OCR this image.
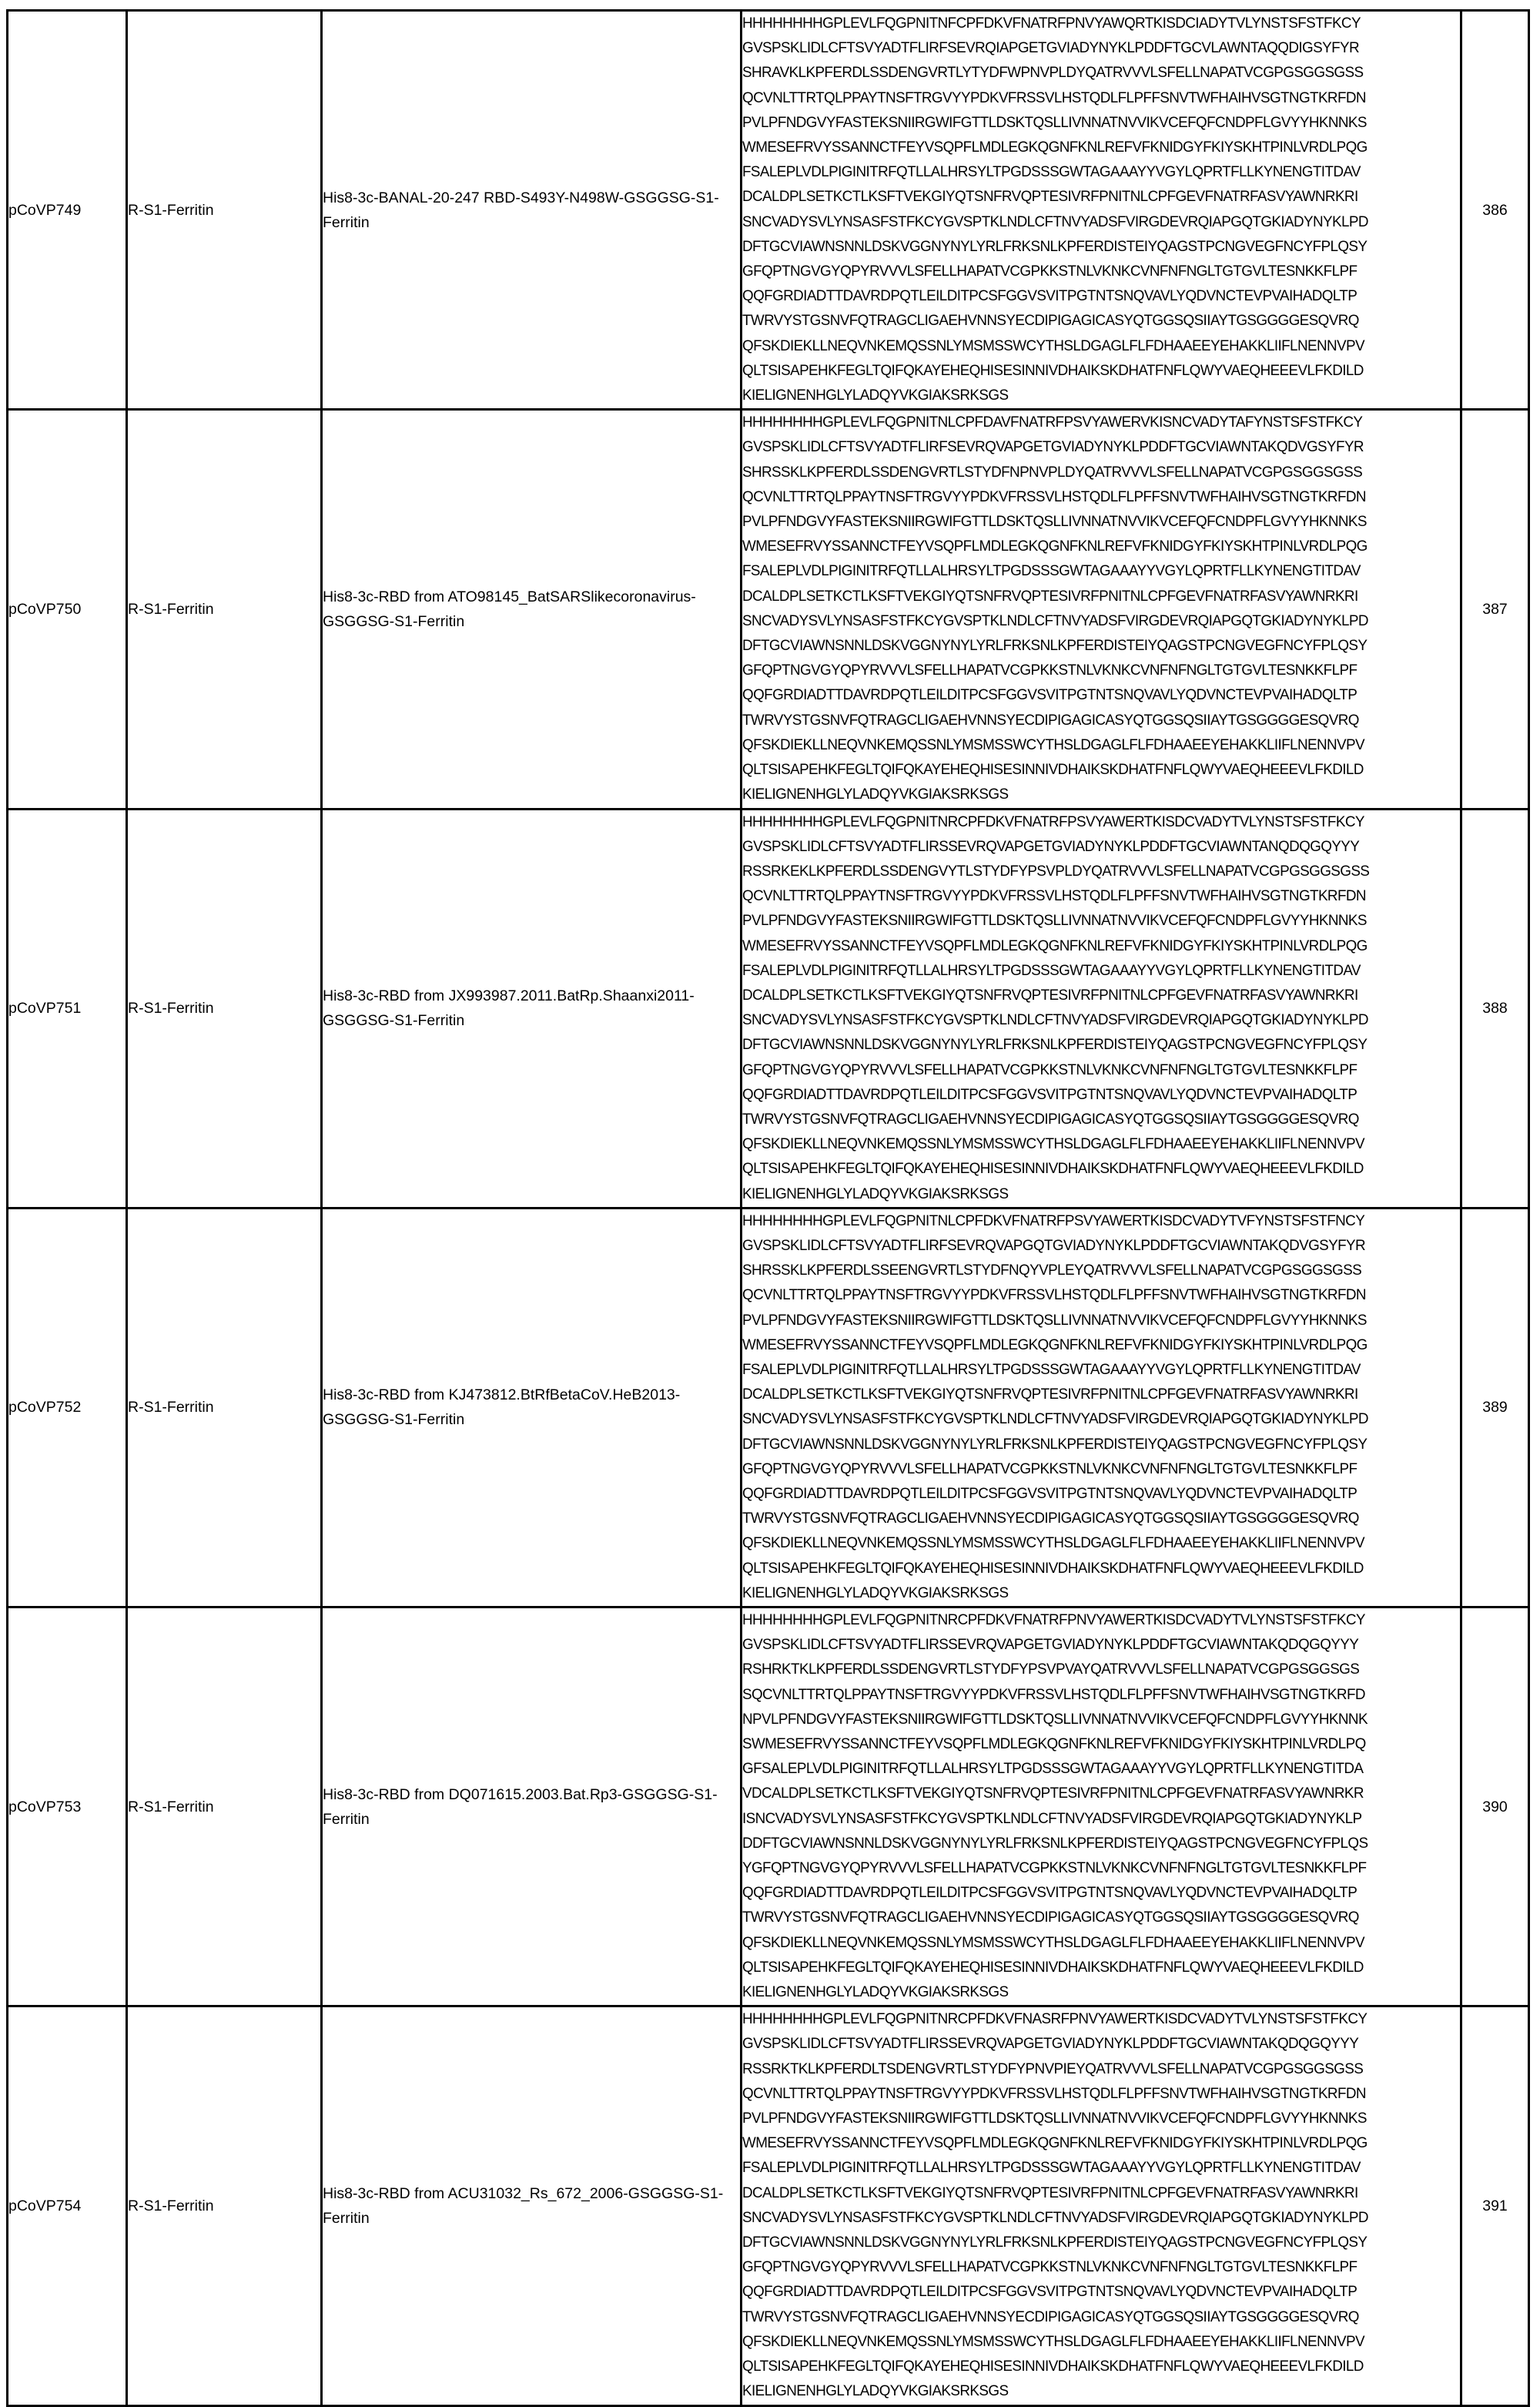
pCoVP749	R-S1-Ferritin	His8-3c-BANAL-20-247 RBD-S493Y-N498W-GSGGSG-S1-Ferritin	
HHHHHHHHGPLEVLFQGPNITNFCPFDKVFNATRFPNVYAWQRTKISDCIADYTVLYNSTSFSTFKCY
GVSPSKLIDLCFTSVYADTFLIRFSEVRQIAPGETGVIADYNYKLPDDFTGCVLAWNTAQQDIGSYFYR
SHRAVKLKPFERDLSSDENGVRTLYTYDFWPNVPLDYQATRVVVLSFELLNAPATVCGPGSGGSGSS
QCVNLTTRTQLPPAYTNSFTRGVYYPDKVFRSSVLHSTQDLFLPFFSNVTWFHAIHVSGTNGTKRFDN
PVLPFNDGVYFASTEKSNIIRGWIFGTTLDSKTQSLLIVNNATNVVIKVCEFQFCNDPFLGVYYHKNNKS
WMESEFRVYSSANNCTFEYVSQPFLMDLEGKQGNFKNLREFVFKNIDGYFKIYSKHTPINLVRDLPQG
FSALEPLVDLPIGINITRFQTLLALHRSYLTPGDSSSGWTAGAAAYYVGYLQPRTFLLKYNENGTITDAV
DCALDPLSETKCTLKSFTVEKGIYQTSNFRVQPTESIVRFPNITNLCPFGEVFNATRFASVYAWNRKRI
SNCVADYSVLYNSASFSTFKCYGVSPTKLNDLCFTNVYADSFVIRGDEVRQIAPGQTGKIADYNYKLPD
DFTGCVIAWNSNNLDSKVGGNYNYLYRLFRKSNLKPFERDISTEIYQAGSTPCNGVEGFNCYFPLQSY
GFQPTNGVGYQPYRVVVLSFELLHAPATVCGPKKSTNLVKNKCVNFNFNGLTGTGVLTESNKKFLPF
QQFGRDIADTTDAVRDPQTLEILDITPCSFGGVSVITPGTNTSNQVAVLYQDVNCTEVPVAIHADQLTP
TWRVYSTGSNVFQTRAGCLIGAEHVNNSYECDIPIGAGICASYQTGGSQSIIAYTGSGGGGESQVRQ
QFSKDIEKLLNEQVNKEMQSSNLYMSMSSWCYTHSLDGAGLFLFDHAAEEYEHAKKLIIFLNENNVPV
QLTSISAPEHKFEGLTQIFQKAYEHEQHISESINNIVDHAIKSKDHATFNFLQWYVAEQHEEEVLFKDILD
KIELIGNENHGLYLADQYVKGIAKSRKSGS
	386
pCoVP750	R-S1-Ferritin	His8-3c-RBD from ATO98145_BatSARSlikecoronavirus-GSGGSG-S1-Ferritin	
HHHHHHHHGPLEVLFQGPNITNLCPFDAVFNATRFPSVYAWERVKISNCVADYTAFYNSTSFSTFKCY
GVSPSKLIDLCFTSVYADTFLIRFSEVRQVAPGETGVIADYNYKLPDDFTGCVIAWNTAKQDVGSYFYR
SHRSSKLKPFERDLSSDENGVRTLSTYDFNPNVPLDYQATRVVVLSFELLNAPATVCGPGSGGSGSS
QCVNLTTRTQLPPAYTNSFTRGVYYPDKVFRSSVLHSTQDLFLPFFSNVTWFHAIHVSGTNGTKRFDN
PVLPFNDGVYFASTEKSNIIRGWIFGTTLDSKTQSLLIVNNATNVVIKVCEFQFCNDPFLGVYYHKNNKS
WMESEFRVYSSANNCTFEYVSQPFLMDLEGKQGNFKNLREFVFKNIDGYFKIYSKHTPINLVRDLPQG
FSALEPLVDLPIGINITRFQTLLALHRSYLTPGDSSSGWTAGAAAYYVGYLQPRTFLLKYNENGTITDAV
DCALDPLSETKCTLKSFTVEKGIYQTSNFRVQPTESIVRFPNITNLCPFGEVFNATRFASVYAWNRKRI
SNCVADYSVLYNSASFSTFKCYGVSPTKLNDLCFTNVYADSFVIRGDEVRQIAPGQTGKIADYNYKLPD
DFTGCVIAWNSNNLDSKVGGNYNYLYRLFRKSNLKPFERDISTEIYQAGSTPCNGVEGFNCYFPLQSY
GFQPTNGVGYQPYRVVVLSFELLHAPATVCGPKKSTNLVKNKCVNFNFNGLTGTGVLTESNKKFLPF
QQFGRDIADTTDAVRDPQTLEILDITPCSFGGVSVITPGTNTSNQVAVLYQDVNCTEVPVAIHADQLTP
TWRVYSTGSNVFQTRAGCLIGAEHVNNSYECDIPIGAGICASYQTGGSQSIIAYTGSGGGGESQVRQ
QFSKDIEKLLNEQVNKEMQSSNLYMSMSSWCYTHSLDGAGLFLFDHAAEEYEHAKKLIIFLNENNVPV
QLTSISAPEHKFEGLTQIFQKAYEHEQHISESINNIVDHAIKSKDHATFNFLQWYVAEQHEEEVLFKDILD
KIELIGNENHGLYLADQYVKGIAKSRKSGS
	387
pCoVP751	R-S1-Ferritin	His8-3c-RBD from JX993987.2011.BatRp.Shaanxi2011-GSGGSG-S1-Ferritin	
HHHHHHHHGPLEVLFQGPNITNRCPFDKVFNATRFPSVYAWERTKISDCVADYTVLYNSTSFSTFKCY
GVSPSKLIDLCFTSVYADTFLIRSSEVRQVAPGETGVIADYNYKLPDDFTGCVIAWNTANQDQGQYYY
RSSRKEKLKPFERDLSSDENGVYTLSTYDFYPSVPLDYQATRVVVLSFELLNAPATVCGPGSGGSGSS
QCVNLTTRTQLPPAYTNSFTRGVYYPDKVFRSSVLHSTQDLFLPFFSNVTWFHAIHVSGTNGTKRFDN
PVLPFNDGVYFASTEKSNIIRGWIFGTTLDSKTQSLLIVNNATNVVIKVCEFQFCNDPFLGVYYHKNNKS
WMESEFRVYSSANNCTFEYVSQPFLMDLEGKQGNFKNLREFVFKNIDGYFKIYSKHTPINLVRDLPQG
FSALEPLVDLPIGINITRFQTLLALHRSYLTPGDSSSGWTAGAAAYYVGYLQPRTFLLKYNENGTITDAV
DCALDPLSETKCTLKSFTVEKGIYQTSNFRVQPTESIVRFPNITNLCPFGEVFNATRFASVYAWNRKRI
SNCVADYSVLYNSASFSTFKCYGVSPTKLNDLCFTNVYADSFVIRGDEVRQIAPGQTGKIADYNYKLPD
DFTGCVIAWNSNNLDSKVGGNYNYLYRLFRKSNLKPFERDISTEIYQAGSTPCNGVEGFNCYFPLQSY
GFQPTNGVGYQPYRVVVLSFELLHAPATVCGPKKSTNLVKNKCVNFNFNGLTGTGVLTESNKKFLPF
QQFGRDIADTTDAVRDPQTLEILDITPCSFGGVSVITPGTNTSNQVAVLYQDVNCTEVPVAIHADQLTP
TWRVYSTGSNVFQTRAGCLIGAEHVNNSYECDIPIGAGICASYQTGGSQSIIAYTGSGGGGESQVRQ
QFSKDIEKLLNEQVNKEMQSSNLYMSMSSWCYTHSLDGAGLFLFDHAAEEYEHAKKLIIFLNENNVPV
QLTSISAPEHKFEGLTQIFQKAYEHEQHISESINNIVDHAIKSKDHATFNFLQWYVAEQHEEEVLFKDILD
KIELIGNENHGLYLADQYVKGIAKSRKSGS
	388
pCoVP752	R-S1-Ferritin	His8-3c-RBD from KJ473812.BtRfBetaCoV.HeB2013-GSGGSG-S1-Ferritin	
HHHHHHHHGPLEVLFQGPNITNLCPFDKVFNATRFPSVYAWERTKISDCVADYTVFYNSTSFSTFNCY
GVSPSKLIDLCFTSVYADTFLIRFSEVRQVAPGQTGVIADYNYKLPDDFTGCVIAWNTAKQDVGSYFYR
SHRSSKLKPFERDLSSEENGVRTLSTYDFNQYVPLEYQATRVVVLSFELLNAPATVCGPGSGGSGSS
QCVNLTTRTQLPPAYTNSFTRGVYYPDKVFRSSVLHSTQDLFLPFFSNVTWFHAIHVSGTNGTKRFDN
PVLPFNDGVYFASTEKSNIIRGWIFGTTLDSKTQSLLIVNNATNVVIKVCEFQFCNDPFLGVYYHKNNKS
WMESEFRVYSSANNCTFEYVSQPFLMDLEGKQGNFKNLREFVFKNIDGYFKIYSKHTPINLVRDLPQG
FSALEPLVDLPIGINITRFQTLLALHRSYLTPGDSSSGWTAGAAAYYVGYLQPRTFLLKYNENGTITDAV
DCALDPLSETKCTLKSFTVEKGIYQTSNFRVQPTESIVRFPNITNLCPFGEVFNATRFASVYAWNRKRI
SNCVADYSVLYNSASFSTFKCYGVSPTKLNDLCFTNVYADSFVIRGDEVRQIAPGQTGKIADYNYKLPD
DFTGCVIAWNSNNLDSKVGGNYNYLYRLFRKSNLKPFERDISTEIYQAGSTPCNGVEGFNCYFPLQSY
GFQPTNGVGYQPYRVVVLSFELLHAPATVCGPKKSTNLVKNKCVNFNFNGLTGTGVLTESNKKFLPF
QQFGRDIADTTDAVRDPQTLEILDITPCSFGGVSVITPGTNTSNQVAVLYQDVNCTEVPVAIHADQLTP
TWRVYSTGSNVFQTRAGCLIGAEHVNNSYECDIPIGAGICASYQTGGSQSIIAYTGSGGGGESQVRQ
QFSKDIEKLLNEQVNKEMQSSNLYMSMSSWCYTHSLDGAGLFLFDHAAEEYEHAKKLIIFLNENNVPV
QLTSISAPEHKFEGLTQIFQKAYEHEQHISESINNIVDHAIKSKDHATFNFLQWYVAEQHEEEVLFKDILD
KIELIGNENHGLYLADQYVKGIAKSRKSGS
	389
pCoVP753	R-S1-Ferritin	His8-3c-RBD from DQ071615.2003.Bat.Rp3-GSGGSG-S1-Ferritin	
HHHHHHHHGPLEVLFQGPNITNRCPFDKVFNATRFPNVYAWERTKISDCVADYTVLYNSTSFSTFKCY
GVSPSKLIDLCFTSVYADTFLIRSSEVRQVAPGETGVIADYNYKLPDDFTGCVIAWNTAKQDQGQYYY
RSHRKTKLKPFERDLSSDENGVRTLSTYDFYPSVPVAYQATRVVVLSFELLNAPATVCGPGSGGSGS
SQCVNLTTRTQLPPAYTNSFTRGVYYPDKVFRSSVLHSTQDLFLPFFSNVTWFHAIHVSGTNGTKRFD
NPVLPFNDGVYFASTEKSNIIRGWIFGTTLDSKTQSLLIVNNATNVVIKVCEFQFCNDPFLGVYYHKNNK
SWMESEFRVYSSANNCTFEYVSQPFLMDLEGKQGNFKNLREFVFKNIDGYFKIYSKHTPINLVRDLPQ
GFSALEPLVDLPIGINITRFQTLLALHRSYLTPGDSSSGWTAGAAAYYVGYLQPRTFLLKYNENGTITDA
VDCALDPLSETKCTLKSFTVEKGIYQTSNFRVQPTESIVRFPNITNLCPFGEVFNATRFASVYAWNRKR
ISNCVADYSVLYNSASFSTFKCYGVSPTKLNDLCFTNVYADSFVIRGDEVRQIAPGQTGKIADYNYKLP
DDFTGCVIAWNSNNLDSKVGGNYNYLYRLFRKSNLKPFERDISTEIYQAGSTPCNGVEGFNCYFPLQS
YGFQPTNGVGYQPYRVVVLSFELLHAPATVCGPKKSTNLVKNKCVNFNFNGLTGTGVLTESNKKFLPF
QQFGRDIADTTDAVRDPQTLEILDITPCSFGGVSVITPGTNTSNQVAVLYQDVNCTEVPVAIHADQLTP
TWRVYSTGSNVFQTRAGCLIGAEHVNNSYECDIPIGAGICASYQTGGSQSIIAYTGSGGGGESQVRQ
QFSKDIEKLLNEQVNKEMQSSNLYMSMSSWCYTHSLDGAGLFLFDHAAEEYEHAKKLIIFLNENNVPV
QLTSISAPEHKFEGLTQIFQKAYEHEQHISESINNIVDHAIKSKDHATFNFLQWYVAEQHEEEVLFKDILD
KIELIGNENHGLYLADQYVKGIAKSRKSGS
	390
pCoVP754	R-S1-Ferritin	His8-3c-RBD from ACU31032_Rs_672_2006-GSGGSG-S1-Ferritin	
HHHHHHHHGPLEVLFQGPNITNRCPFDKVFNASRFPNVYAWERTKISDCVADYTVLYNSTSFSTFKCY
GVSPSKLIDLCFTSVYADTFLIRSSEVRQVAPGETGVIADYNYKLPDDFTGCVIAWNTAKQDQGQYYY
RSSRKTKLKPFERDLTSDENGVRTLSTYDFYPNVPIEYQATRVVVLSFELLNAPATVCGPGSGGSGSS
QCVNLTTRTQLPPAYTNSFTRGVYYPDKVFRSSVLHSTQDLFLPFFSNVTWFHAIHVSGTNGTKRFDN
PVLPFNDGVYFASTEKSNIIRGWIFGTTLDSKTQSLLIVNNATNVVIKVCEFQFCNDPFLGVYYHKNNKS
WMESEFRVYSSANNCTFEYVSQPFLMDLEGKQGNFKNLREFVFKNIDGYFKIYSKHTPINLVRDLPQG
FSALEPLVDLPIGINITRFQTLLALHRSYLTPGDSSSGWTAGAAAYYVGYLQPRTFLLKYNENGTITDAV
DCALDPLSETKCTLKSFTVEKGIYQTSNFRVQPTESIVRFPNITNLCPFGEVFNATRFASVYAWNRKRI
SNCVADYSVLYNSASFSTFKCYGVSPTKLNDLCFTNVYADSFVIRGDEVRQIAPGQTGKIADYNYKLPD
DFTGCVIAWNSNNLDSKVGGNYNYLYRLFRKSNLKPFERDISTEIYQAGSTPCNGVEGFNCYFPLQSY
GFQPTNGVGYQPYRVVVLSFELLHAPATVCGPKKSTNLVKNKCVNFNFNGLTGTGVLTESNKKFLPF
QQFGRDIADTTDAVRDPQTLEILDITPCSFGGVSVITPGTNTSNQVAVLYQDVNCTEVPVAIHADQLTP
TWRVYSTGSNVFQTRAGCLIGAEHVNNSYECDIPIGAGICASYQTGGSQSIIAYTGSGGGGESQVRQ
QFSKDIEKLLNEQVNKEMQSSNLYMSMSSWCYTHSLDGAGLFLFDHAAEEYEHAKKLIIFLNENNVPV
QLTSISAPEHKFEGLTQIFQKAYEHEQHISESINNIVDHAIKSKDHATFNFLQWYVAEQHEEEVLFKDILD
KIELIGNENHGLYLADQYVKGIAKSRKSGS
	391
